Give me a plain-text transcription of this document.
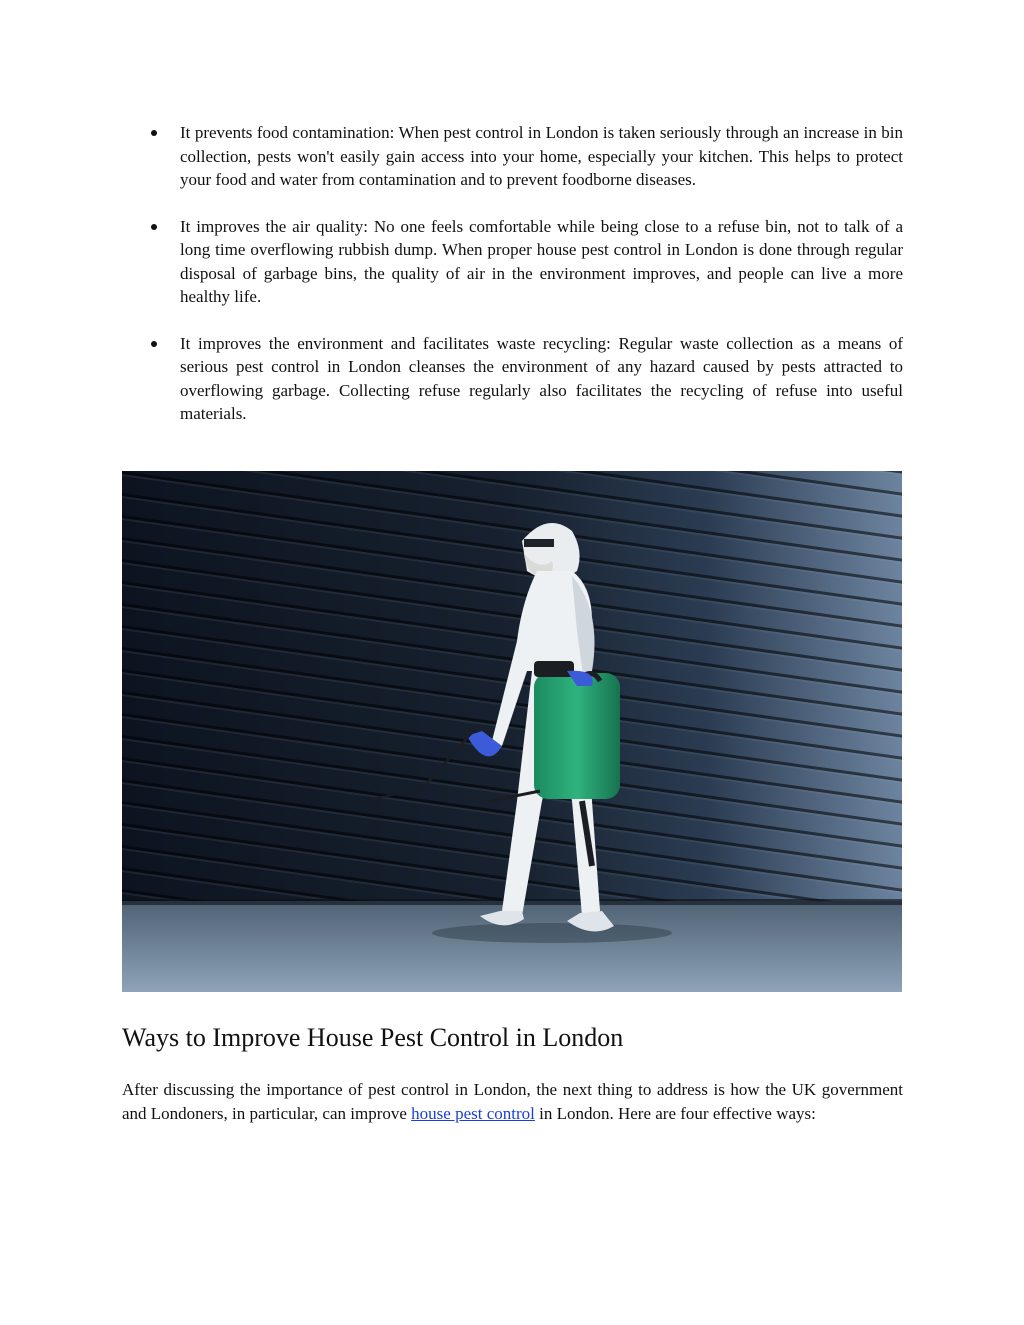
It prevents food contamination: When pest control in London is taken seriously through an increase in bin collection, pests won't easily gain access into your home, especially your kitchen. This helps to protect your food and water from contamination and to prevent foodborne diseases.
It improves the air quality: No one feels comfortable while being close to a refuse bin, not to talk of a long time overflowing rubbish dump. When proper house pest control in London is done through regular disposal of garbage bins, the quality of air in the environment improves, and people can live a more healthy life.
It improves the environment and facilitates waste recycling: Regular waste collection as a means of serious pest control in London cleanses the environment of any hazard caused by pests attracted to overflowing garbage. Collecting refuse regularly also facilitates the recycling of refuse into useful materials.
Ways to Improve House Pest Control in London

After discussing the importance of pest control in London, the next thing to address is how the UK government and Londoners, in particular, can improve house pest control in London. Here are four effective ways:
